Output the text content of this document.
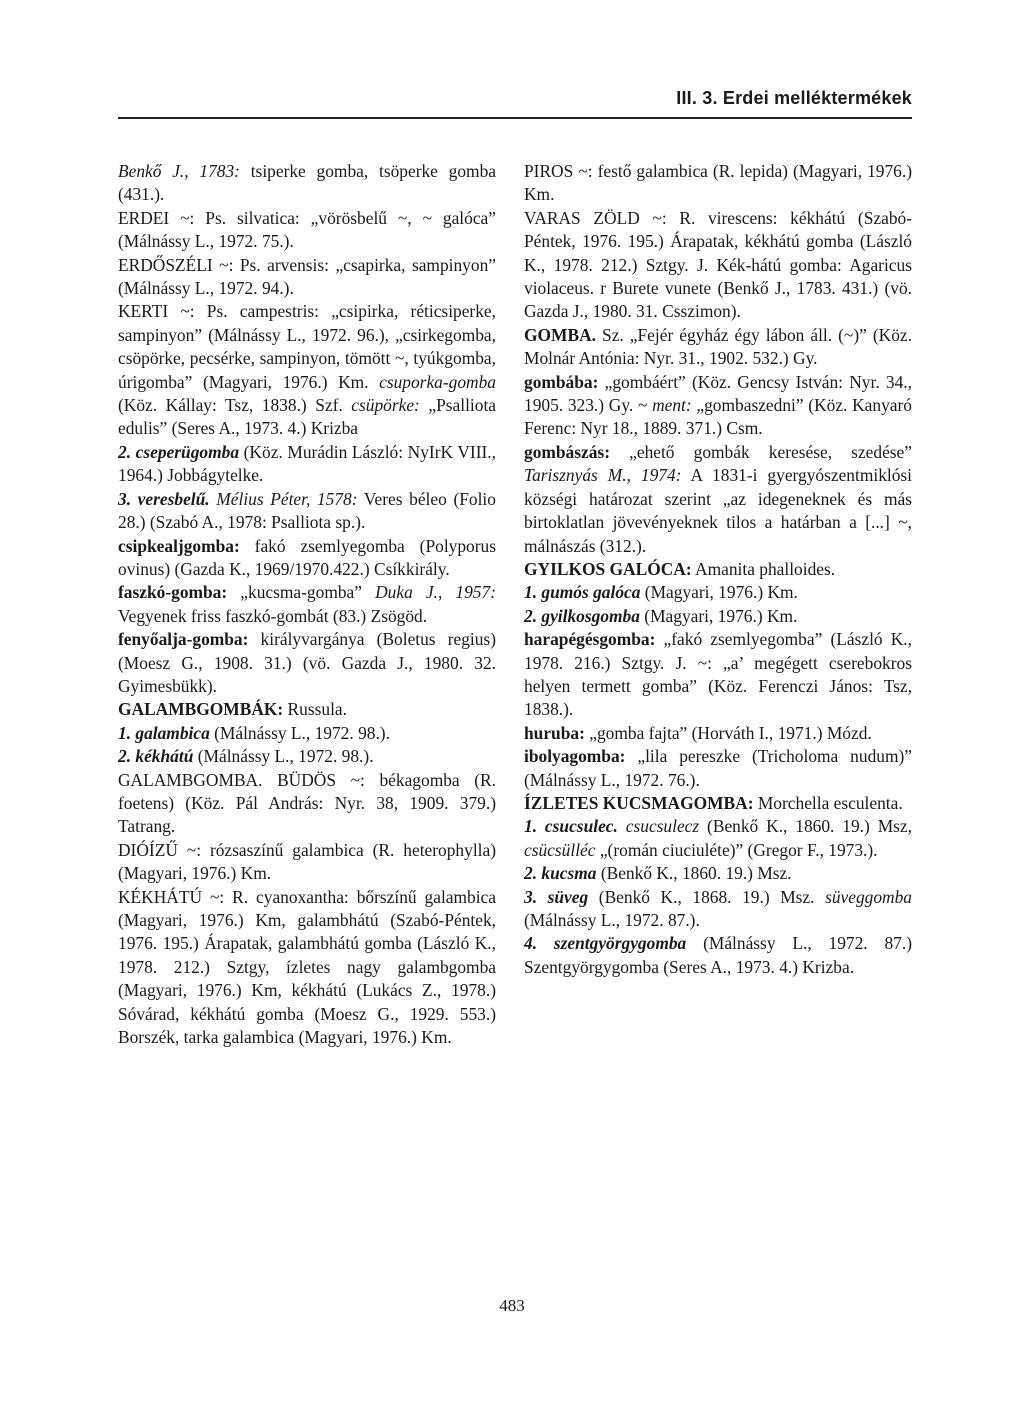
III. 3. Erdei melléktermékek

Benkő J., 1783: tsiperke gomba, tsöperke gomba (431.).

ERDEI ~: Ps. silvatica: „vörösbelű ~, ~ galóca” (Málnássy L., 1972. 75.).

ERDŐSZÉLI ~: Ps. arvensis: „csapirka, sampinyon” (Málnássy L., 1972. 94.).

KERTI ~: Ps. campestris: „csipirka, réticsiperke, sampinyon” (Málnássy L., 1972. 96.), „csirkegomba, csöpörke, pecsérke, sampinyon, tömött ~, tyúkgomba, úrigomba” (Magyari, 1976.) Km. csuporka-gomba (Köz. Kállay: Tsz, 1838.) Szf. csüpörke: „Psalliota edulis” (Seres A., 1973. 4.) Krizba

2. cseperügomba (Köz. Murádin László: NyIrK VIII., 1964.) Jobbágytelke.

3. veresbelű. Mélius Péter, 1578: Veres béleo (Folio 28.) (Szabó A., 1978: Psalliota sp.).

csipkealjgomba: fakó zsemlyegomba (Polyporus ovinus) (Gazda K., 1969/1970.422.) Csíkkirály.

faszkó-gomba: „kucsma-gomba” Duka J., 1957: Vegyenek friss faszkó-gombát (83.) Zsögöd.

fenyőalja-gomba: királyvargánya (Boletus regius) (Moesz G., 1908. 31.) (vö. Gazda J., 1980. 32. Gyimesbükk).

GALAMBGOMBÁK: Russula.

1. galambica (Málnássy L., 1972. 98.).

2. kékhátú (Málnássy L., 1972. 98.).

GALAMBGOMBA. BÜDÖS ~: békagomba (R. foetens) (Köz. Pál András: Nyr. 38, 1909. 379.) Tatrang.

DIÓÍZŰ ~: rózsaszínű galambica (R. heterophylla) (Magyari, 1976.) Km.

KÉKHÁTÚ ~: R. cyanoxantha: bőrszínű galambica (Magyari, 1976.) Km, galambhátú (Szabó-Péntek, 1976. 195.) Árapatak, galambhátú gomba (László K., 1978. 212.) Sztgy, ízletes nagy galambgomba (Magyari, 1976.) Km, kékhátú (Lukács Z., 1978.) Sóvárad, kékhátú gomba (Moesz G., 1929. 553.) Borszék, tarka galambica (Magyari, 1976.) Km.

PIROS ~: festő galambica (R. lepida) (Magyari, 1976.) Km.

VARAS ZÖLD ~: R. virescens: kékhátú (Szabó-Péntek, 1976. 195.) Árapatak, kékhátú gomba (László K., 1978. 212.) Sztgy. J. Kék-hátú gomba: Agaricus violaceus. r Burete vunete (Benkő J., 1783. 431.) (vö. Gazda J., 1980. 31. Csszimon).

GOMBA. Sz. „Fejér égyház égy lábon áll. (~)” (Köz. Molnár Antónia: Nyr. 31., 1902. 532.) Gy.

gombába: „gombáért” (Köz. Gencsy István: Nyr. 34., 1905. 323.) Gy. ~ ment: „gombaszedni” (Köz. Kanyaró Ferenc: Nyr 18., 1889. 371.) Csm.

gombászás: „ehető gombák keresése, szedése” Tarisznyás M., 1974: A 1831-i gyergyószentmiklósi községi határozat szerint „az idegeneknek és más birtoklatlan jövevényeknek tilos a határban a [...] ~, málnászás (312.).

GYILKOS GALÓCA: Amanita phalloides.

1. gumós galóca (Magyari, 1976.) Km.

2. gyilkosgomba (Magyari, 1976.) Km.

harapégésgomba: „fakó zsemlyegomba” (László K., 1978. 216.) Sztgy. J. ~: „a’ megégett cserebokros helyen termett gomba” (Köz. Ferenczi János: Tsz, 1838.).

huruba: „gomba fajta” (Horváth I., 1971.) Mózd.

ibolyagomba: „lila pereszke (Tricholoma nudum)” (Málnássy L., 1972. 76.).

ÍZLETES KUCSMAGOMBA: Morchella esculenta.

1. csucsulec. csucsulecz (Benkő K., 1860. 19.) Msz, csücsülléc „(román ciuciuléte)” (Gregor F., 1973.).

2. kucsma (Benkő K., 1860. 19.) Msz.

3. süveg (Benkő K., 1868. 19.) Msz. süveggomba (Málnássy L., 1972. 87.).

4. szentgyörgygomba (Málnássy L., 1972. 87.) Szentgyörgygomba (Seres A., 1973. 4.) Krizba.

483
